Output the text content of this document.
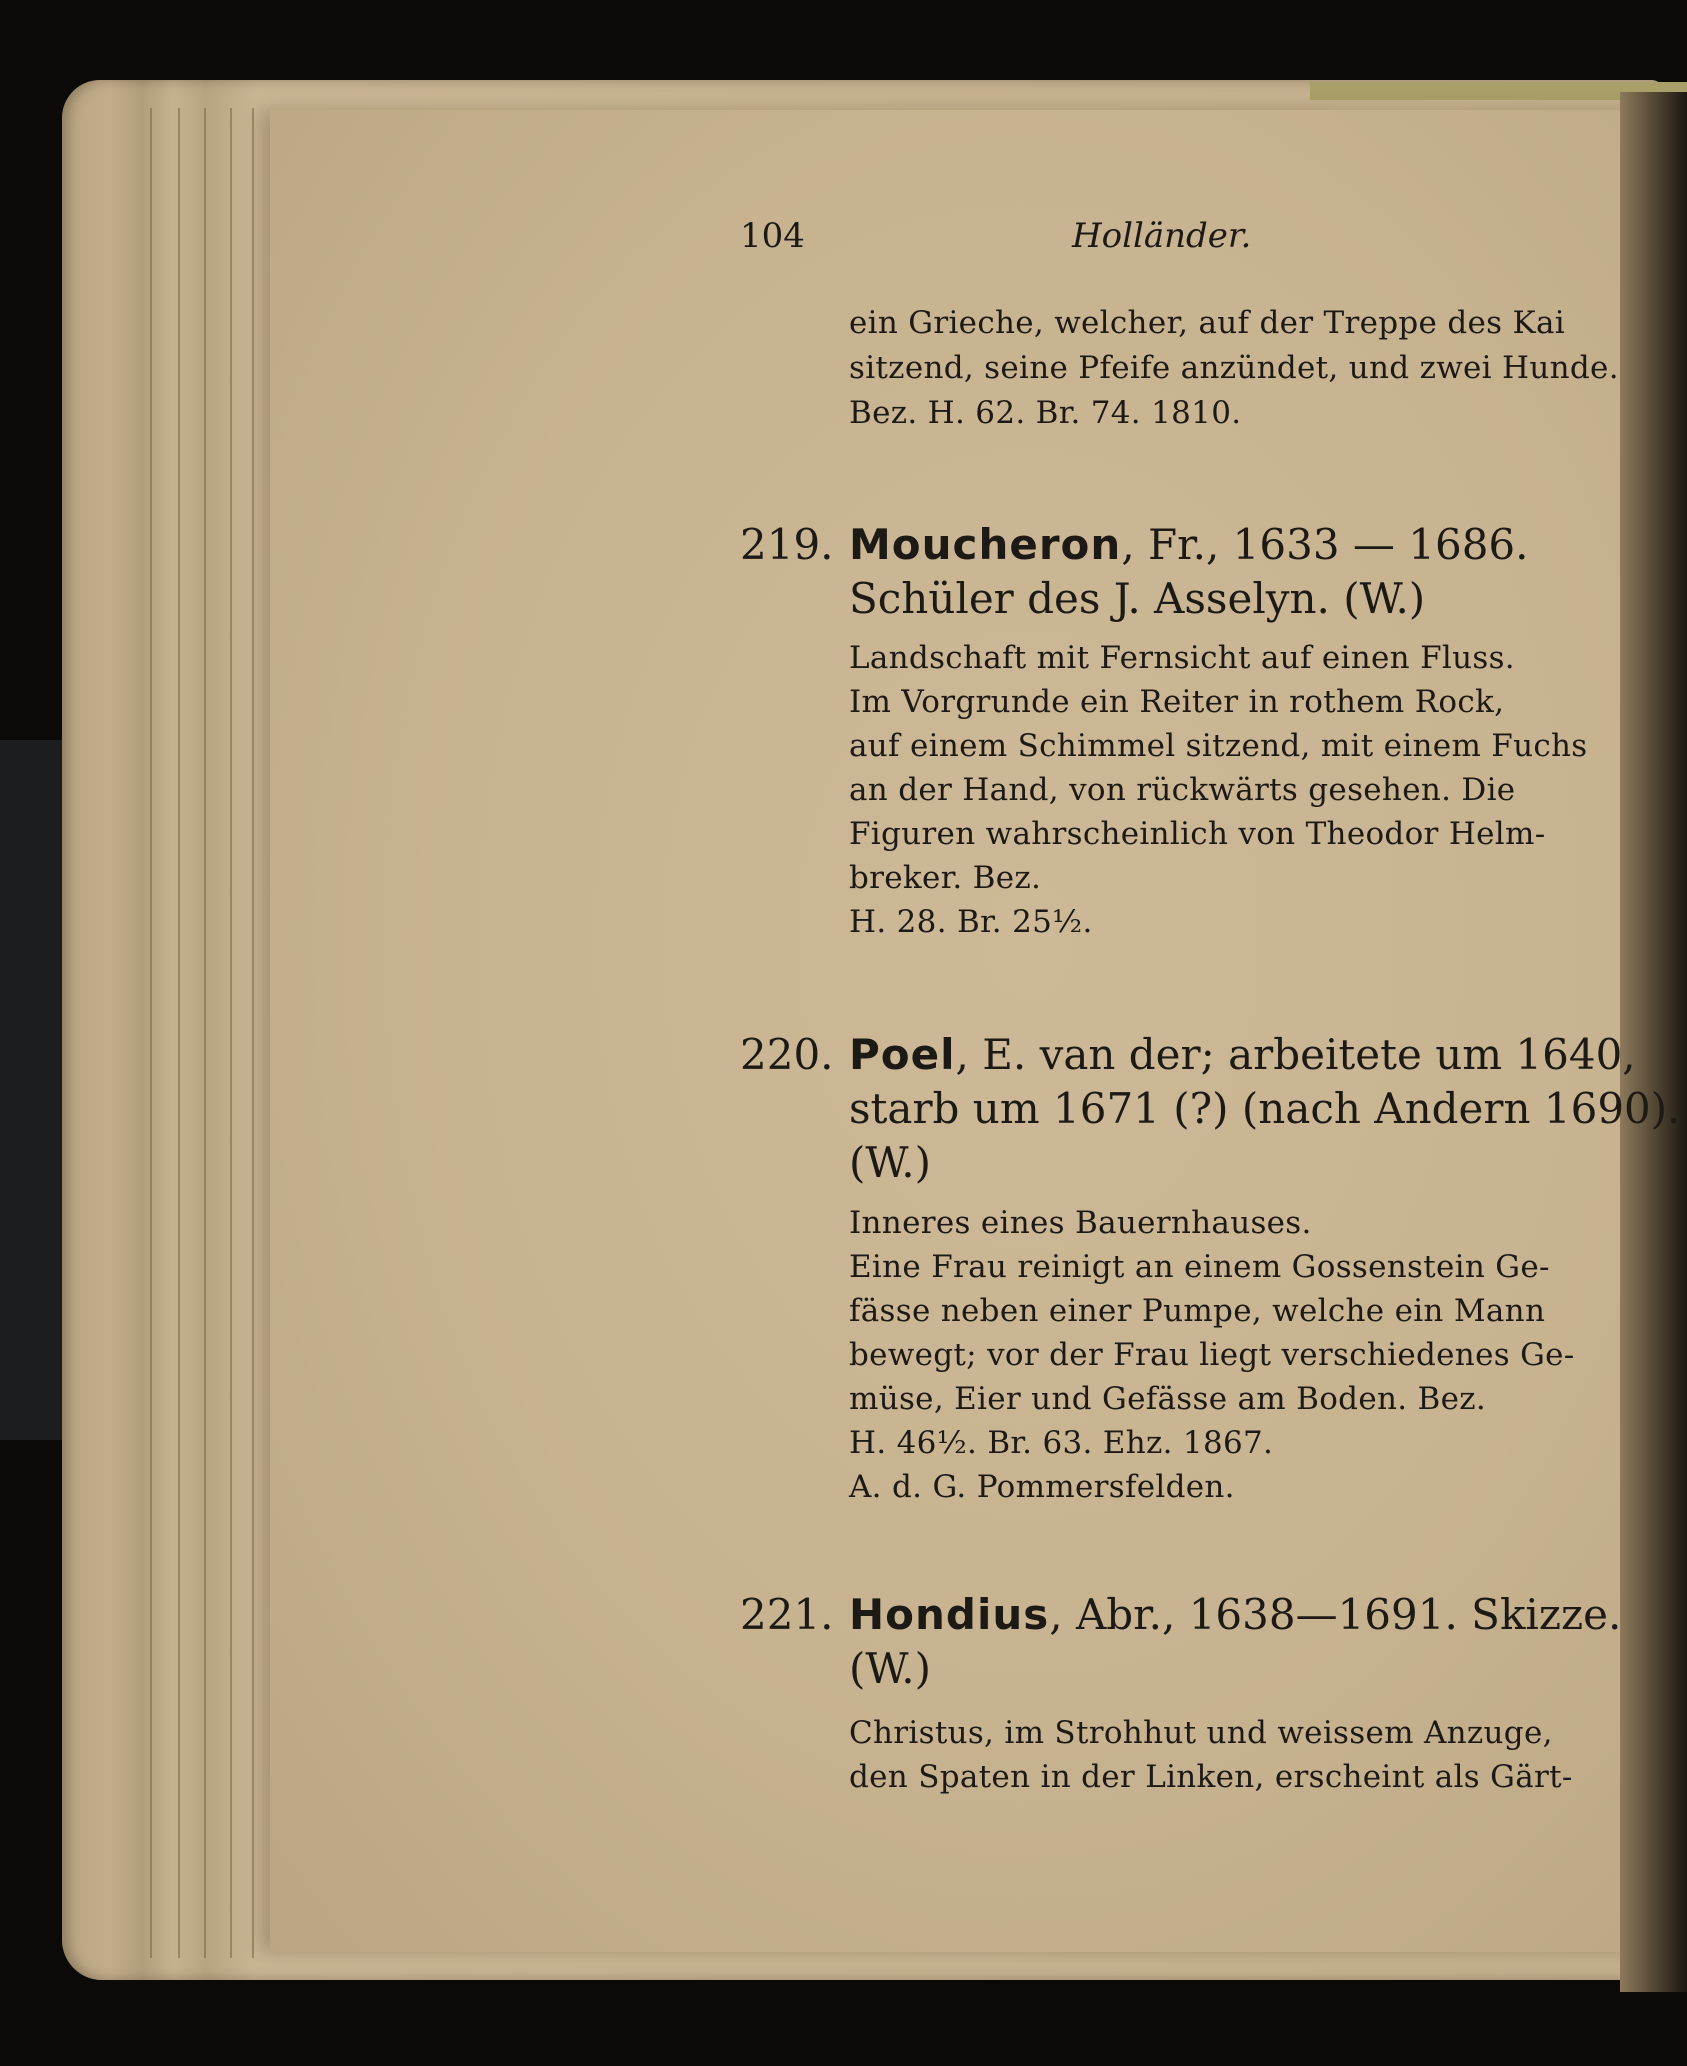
104	Holländer.
ein Grieche, welcher, auf der Treppe des Kai
sitzend, seine Pfeife anzündet, und zwei Hunde.
Bez. H. 62. Br. 74. 1810.
219. Moucheron, Fr., 1633 — 1686.
Schüler des J. Asselyn. (W.)
Landschaft mit Fernsicht auf einen Fluss.
Im Vorgrunde ein Reiter in rothem Rock,
auf einem Schimmel sitzend, mit einem Fuchs
an der Hand, von rückwärts gesehen. Die
Figuren wahrscheinlich von Theodor Helm-
breker. Bez.
H. 28. Br. 25½.
220. Poel, E. van der; arbeitete um 1640,
starb um 1671 (?) (nach Andern 1690).
(W.)
Inneres eines Bauernhauses.
Eine Frau reinigt an einem Gossenstein Ge-
fässe neben einer Pumpe, welche ein Mann
bewegt; vor der Frau liegt verschiedenes Ge-
müse, Eier und Gefässe am Boden. Bez.
H. 46½. Br. 63. Ehz. 1867.
A. d. G. Pommersfelden.
221. Hondius, Abr., 1638—1691. Skizze.
(W.)
Christus, im Strohhut und weissem Anzuge,
den Spaten in der Linken, erscheint als Gärt-
